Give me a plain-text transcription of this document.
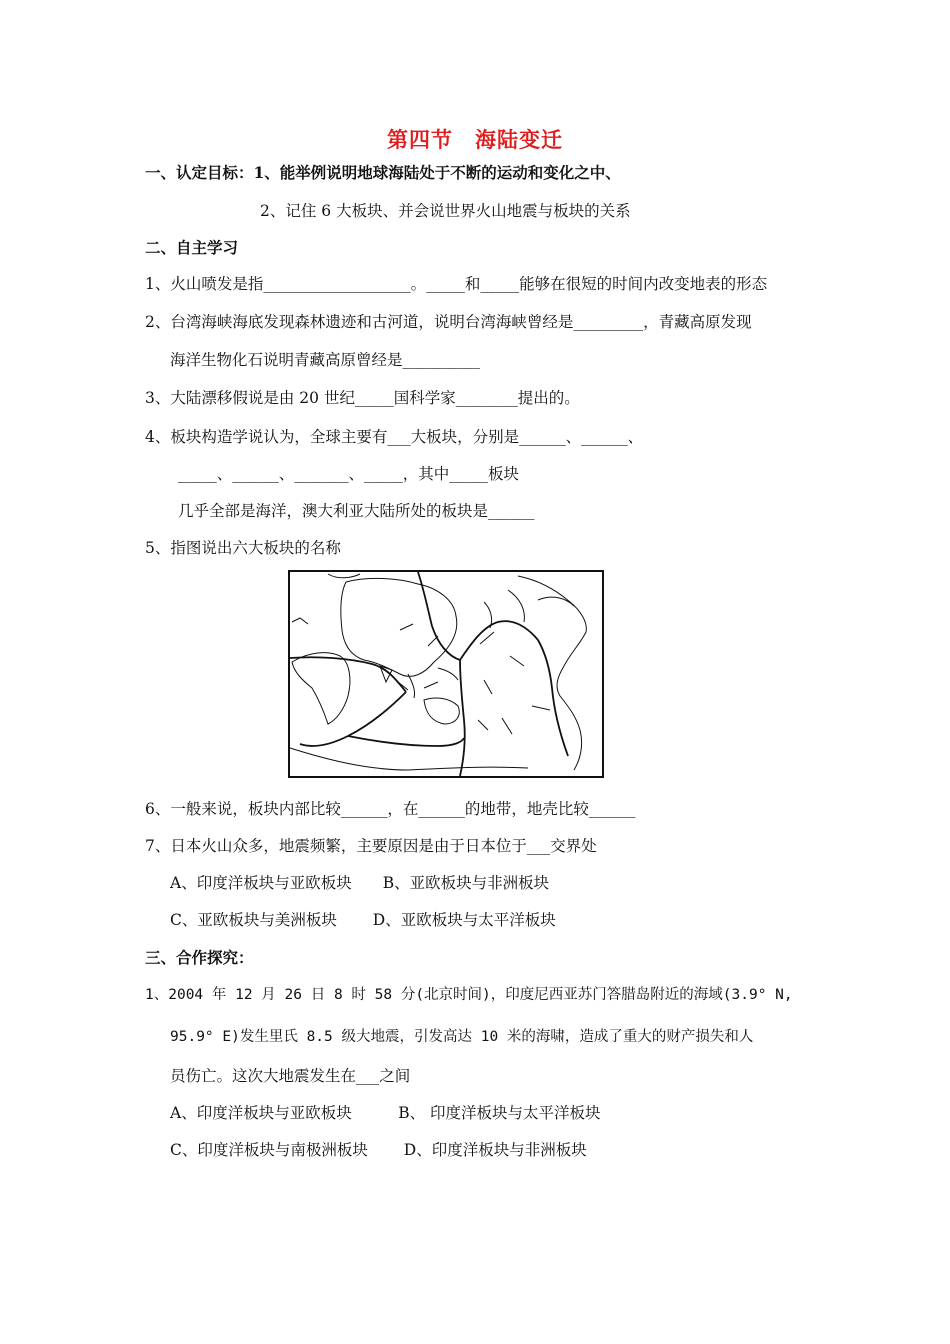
第四节　海陆变迁
一、认定目标：1、能举例说明地球海陆处于不断的运动和变化之中、
2、记住 6 大板块、并会说世界火山地震与板块的关系
二、自主学习
1、火山喷发是指___________________。_____和_____能够在很短的时间内改变地表的形态
2、台湾海峡海底发现森林遗迹和古河道，说明台湾海峡曾经是_________，青藏高原发现
海洋生物化石说明青藏高原曾经是__________
3、大陆漂移假说是由 20 世纪_____国科学家________提出的。
4、板块构造学说认为，全球主要有___大板块，分别是______、______、
_____、______、_______、_____，其中_____板块
几乎全部是海洋，澳大利亚大陆所处的板块是______
5、指图说出六大板块的名称
6、一般来说，板块内部比较______，在______的地带，地壳比较______
7、日本火山众多，地震频繁，主要原因是由于日本位于___交界处
A、印度洋板块与亚欧板块　　B、亚欧板块与非洲板块
C、亚欧板块与美洲板块　　 D、亚欧板块与太平洋板块
三、合作探究：
1、2004 年 12 月 26 日 8 时 58 分(北京时间)，印度尼西亚苏门答腊岛附近的海域(3.9° N,
95.9° E)发生里氏 8.5 级大地震，引发高达 10 米的海啸，造成了重大的财产损失和人
员伤亡。这次大地震发生在___之间
A、印度洋板块与亚欧板块　　　B、 印度洋板块与太平洋板块
C、印度洋板块与南极洲板块　　 D、印度洋板块与非洲板块
